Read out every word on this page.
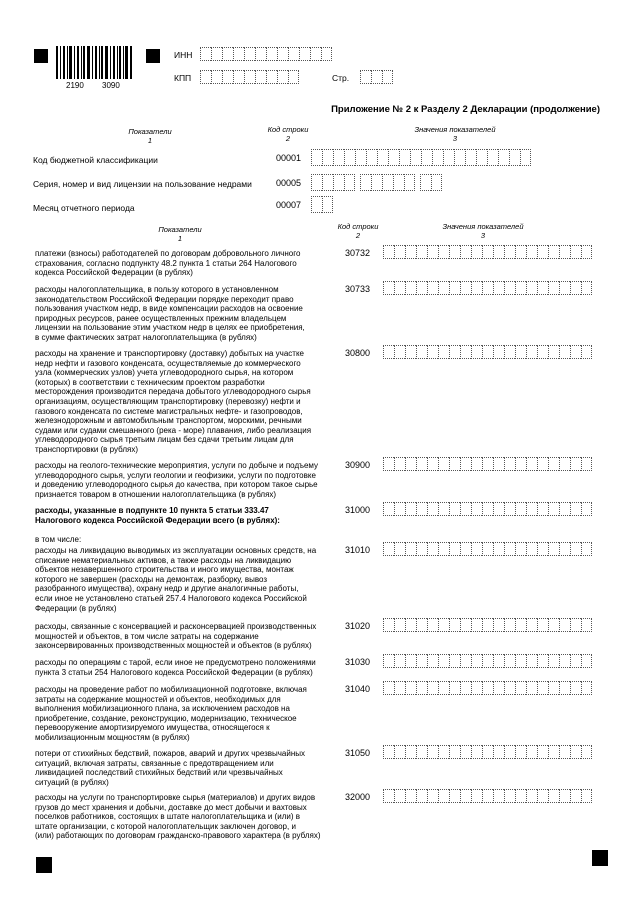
2190 3090
ИНН
КПП	Стр.
Приложение № 2 к Разделу 2 Декларации (продолжение)
Показатели
1
Код строки
2
Значения показателей
3
Код бюджетной классификации	00001
Серия, номер и вид лицензии на пользование недрами	00005
Месяц отчетного периода	00007
Показатели
1
Код строки
2
Значения показателей
3
платежи (взносы) работодателей по договорам добровольного личного
страхования, согласно подпункту 48.2 пункта 1 статьи 264 Налогового
кодекса Российской Федерации (в рублях)
30732
расходы налогоплательщика, в пользу которого в установленном
законодательством Российской Федерации порядке переходит право
пользования участком недр, в виде компенсации расходов на освоение
природных ресурсов, ранее осуществленных прежним владельцем
лицензии на пользование этим участком недр в целях ее приобретения,
в сумме фактических затрат налогоплательщика (в рублях)
30733
расходы на хранение и транспортировку (доставку) добытых на участке
недр нефти и газового конденсата, осуществляемые до коммерческого
узла (коммерческих узлов) учета углеводородного сырья, на котором
(которых) в соответствии с техническим проектом разработки
месторождения производится передача добытого углеводородного сырья
организациям, осуществляющим транспортировку (перевозку) нефти и
газового конденсата по системе магистральных нефте- и газопроводов,
железнодорожным и автомобильным транспортом, морскими, речными
судами или судами смешанного (река - море) плавания, либо реализация
углеводородного сырья третьим лицам без сдачи третьим лицам для
транспортировки (в рублях)
30800
расходы на геолого-технические мероприятия, услуги по добыче и подъему
углеводородного сырья, услуги геологии и геофизики, услуги по подготовке
и доведению углеводородного сырья до качества, при котором такое сырье
признается товаром в отношении налогоплательщика (в рублях)
30900
расходы, указанные в подпункте 10 пункта 5 статьи 333.47
Налогового кодекса Российской Федерации всего (в рублях):
31000
в том числе:
расходы на ликвидацию выводимых из эксплуатации основных средств, на
списание нематериальных активов, а также расходы на ликвидацию
объектов незавершенного строительства и иного имущества, монтаж
которого не завершен (расходы на демонтаж, разборку, вывоз
разобранного имущества), охрану недр и другие аналогичные работы,
если иное не установлено статьей 257.4 Налогового кодекса Российской
Федерации (в рублях)
31010
расходы, связанные с консервацией и расконсервацией производственных
мощностей и объектов, в том числе затраты на содержание
законсервированных производственных мощностей и объектов (в рублях)
31020
расходы по операциям с тарой, если иное не предусмотрено положениями
пункта 3 статьи 254 Налогового кодекса Российской Федерации (в рублях)
31030
расходы на проведение работ по мобилизационной подготовке, включая
затраты на содержание мощностей и объектов, необходимых для
выполнения мобилизационного плана, за исключением расходов на
приобретение, создание, реконструкцию, модернизацию, техническое
перевооружение амортизируемого имущества, относящегося к
мобилизационным мощностям (в рублях)
31040
потери от стихийных бедствий, пожаров, аварий и других чрезвычайных
ситуаций, включая затраты, связанные с предотвращением или
ликвидацией последствий стихийных бедствий или чрезвычайных
ситуаций (в рублях)
31050
расходы на услуги по транспортировке сырья (материалов) и других видов
грузов до мест хранения и добычи, доставке до мест добычи и вахтовых
поселков работников, состоящих в штате налогоплательщика и (или) в
штате организации, с которой налогоплательщик заключен договор, и
(или) работающих по договорам гражданско-правового характера (в рублях)
32000
